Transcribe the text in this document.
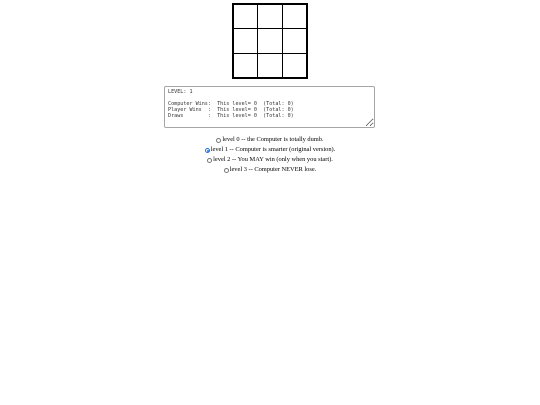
LEVEL: 1 Computer Wins: This level= 0 (Total: 0) Player Wins : This level= 0 (Total: 0) Draws : This level= 0 (Total: 0)
level 0 -- the Computer is totally dumb.
level 1 -- Computer is smarter (original version).
level 2 -- You MAY win (only when you start).
level 3 -- Computer NEVER lose.
